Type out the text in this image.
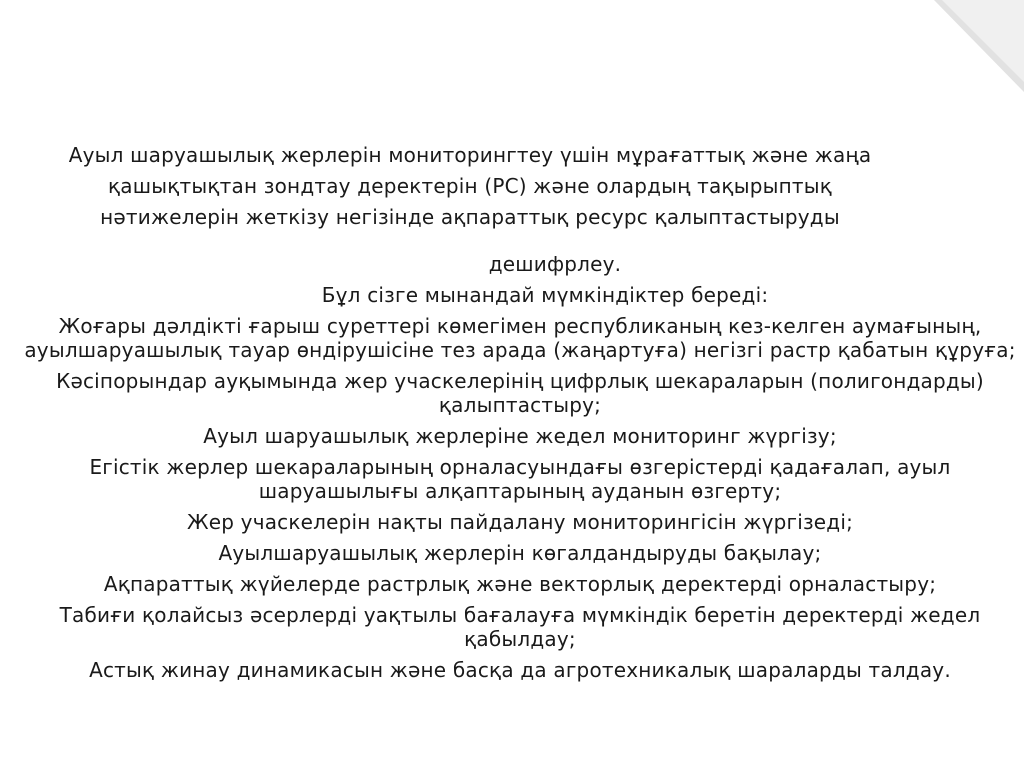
Ауыл шаруашылық жерлерін мониторингтеу үшін мұрағаттық және жаңа
қашықтықтан зондтау деректерін (РС) және олардың тақырыптық
нәтижелерін жеткізу негізінде ақпараттық ресурс қалыптастыруды
дешифрлеу.
Бұл сізге мынандай мүмкіндіктер береді:
Жоғары дәлдікті ғарыш суреттері көмегімен республиканың кез-келген аумағының, ауылшаруашылық тауар өндірушісіне тез арада (жаңартуға) негізгі растр қабатын құруға;
Кәсіпорындар ауқымында жер учаскелерінің цифрлық шекараларын (полигондарды) қалыптастыру;
Ауыл шаруашылық жерлеріне жедел мониторинг жүргізу;
Егістік жерлер шекараларының орналасуындағы өзгерістерді қадағалап, ауыл шаруашылығы алқаптарының ауданын өзгерту;
Жер учаскелерін нақты пайдалану мониторингісін жүргізеді;
Ауылшаруашылық жерлерін көгалдандыруды бақылау;
Ақпараттық жүйелерде растрлық және векторлық деректерді орналастыру;
Табиғи қолайсыз әсерлерді уақтылы бағалауға мүмкіндік беретін деректерді жедел қабылдау;
Астық жинау динамикасын және басқа да агротехникалық шараларды талдау.
